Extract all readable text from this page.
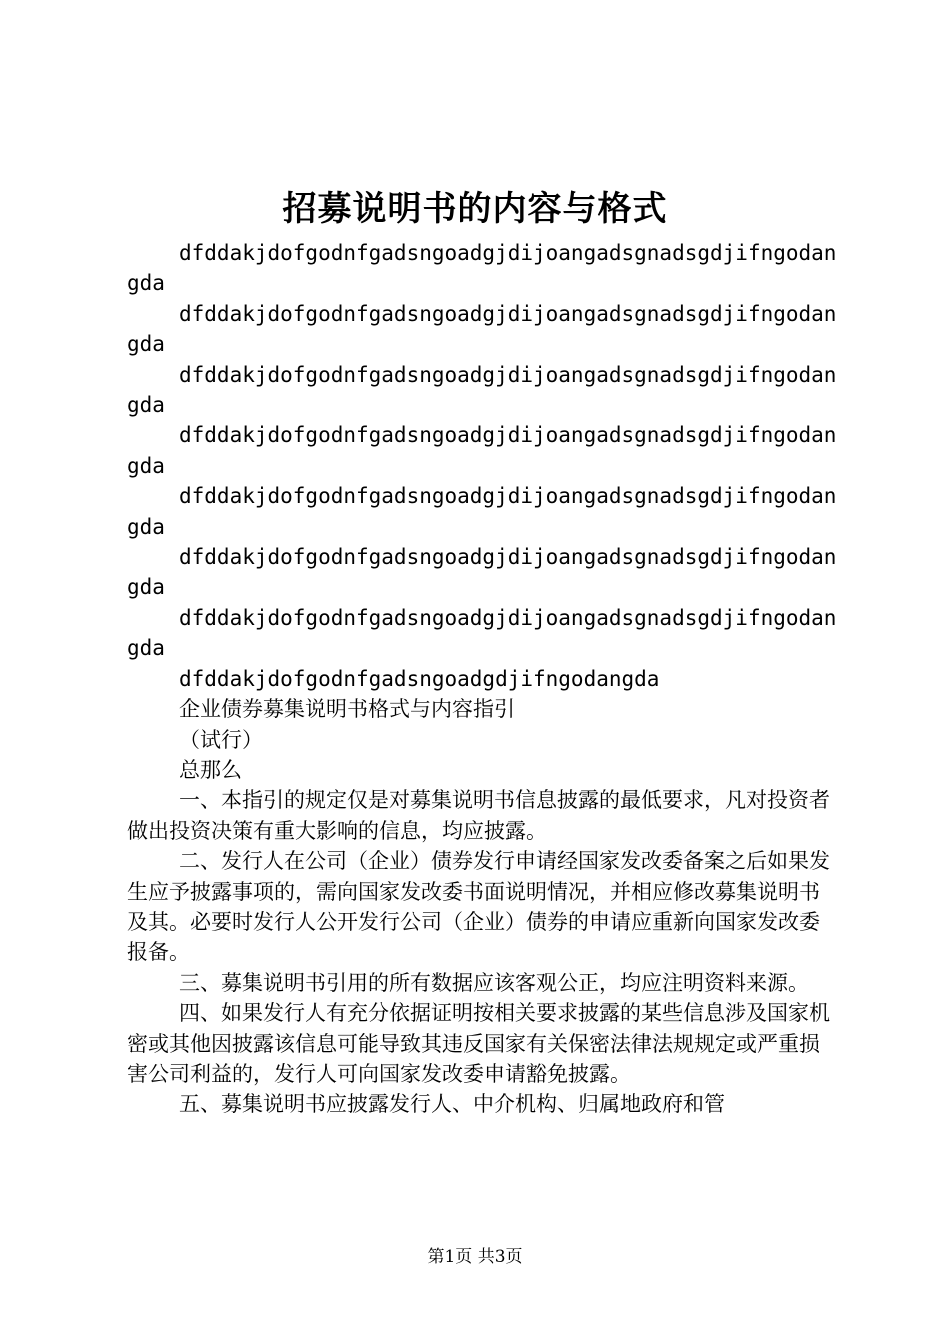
招募说明书的内容与格式

dfddakjdofgodnfgadsngoadgjdijoangadsgnadsgdjifngodangda

dfddakjdofgodnfgadsngoadgjdijoangadsgnadsgdjifngodangda

dfddakjdofgodnfgadsngoadgjdijoangadsgnadsgdjifngodangda

dfddakjdofgodnfgadsngoadgjdijoangadsgnadsgdjifngodangda

dfddakjdofgodnfgadsngoadgjdijoangadsgnadsgdjifngodangda

dfddakjdofgodnfgadsngoadgjdijoangadsgnadsgdjifngodangda

dfddakjdofgodnfgadsngoadgjdijoangadsgnadsgdjifngodangda

dfddakjdofgodnfgadsngoadgdjifngodangda

企业债券募集说明书格式与内容指引

（试行）

总那么

一、本指引的规定仅是对募集说明书信息披露的最低要求，凡对投资者做出投资决策有重大影响的信息，均应披露。

二、发行人在公司（企业）债券发行申请经国家发改委备案之后如果发生应予披露事项的，需向国家发改委书面说明情况，并相应修改募集说明书及其。必要时发行人公开发行公司（企业）债券的申请应重新向国家发改委报备。

三、募集说明书引用的所有数据应该客观公正，均应注明资料来源。

四、如果发行人有充分依据证明按相关要求披露的某些信息涉及国家机密或其他因披露该信息可能导致其违反国家有关保密法律法规规定或严重损害公司利益的，发行人可向国家发改委申请豁免披露。

五、募集说明书应披露发行人、中介机构、归属地政府和管

第1页 共3页
